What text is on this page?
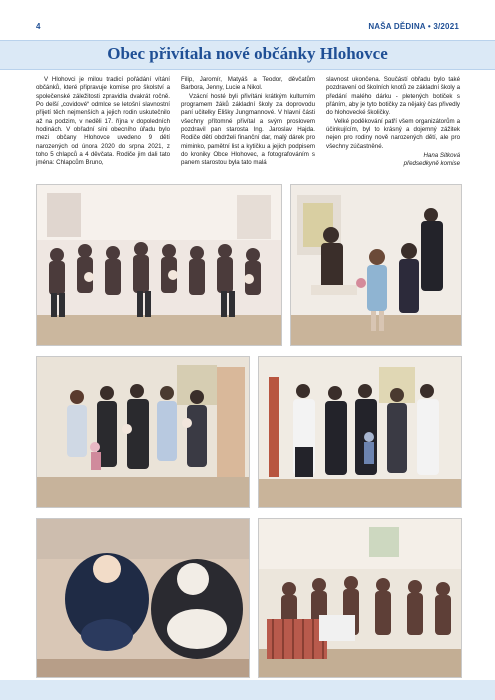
4	NAŠA DĚDINA • 3/2021
Obec přivítala nové občánky Hlohovce

V Hlohovci je milou tradicí pořádání vítání občánků, které připravuje komise pro školství a společenské záležitosti zpravidla dvakrát ročně. Po delší „covidové“ odmlce se letošní slavnostní přijetí těch nejmenších a jejich rodin uskutečnilo až na podzim, v neděli 17. října v dopoledních hodinách. V obřadní síni obecního úřadu bylo mezi občany Hlohovce uvedeno 9 dětí narozených od února 2020 do srpna 2021, z toho 5 chlapců a 4 děvčata. Rodiče jim dali tato jména: Chlapcům Bruno,

Filip, Jaromír, Matyáš a Teodor, děvčatům Barbora, Jenny, Lucie a Nikol.

Vzácní hosté byli přivítáni krátkým kulturním programem žáků základní školy za doprovodu paní učitelky Elišky Jungmannové. V hlavní části všechny přítomné přivítal a svým proslovem pozdravil pan starosta Ing. Jaroslav Hajda. Rodiče dětí obdrželi finanční dar, malý dárek pro miminko, pamětní list a kytičku a jejich podpisem do kroniky Obce Hlohovec, a fotografováním s panem starostou byla tato malá

slavnost ukončena. Součástí obřadu bylo také pozdravení od školních knotů ze základní školy a předání malého dárku - pletených botiček s přáním, aby je tyto botičky za nějaký čas přivedly do hlohovecké školičky.

Velké poděkování patří všem organizátorům a účinkujícím, byl to krásný a dojemný zážitek nejen pro rodiny nově narozených dětí, ale pro všechny zúčastněné.

Hana Sitková
předsedkyně komise
